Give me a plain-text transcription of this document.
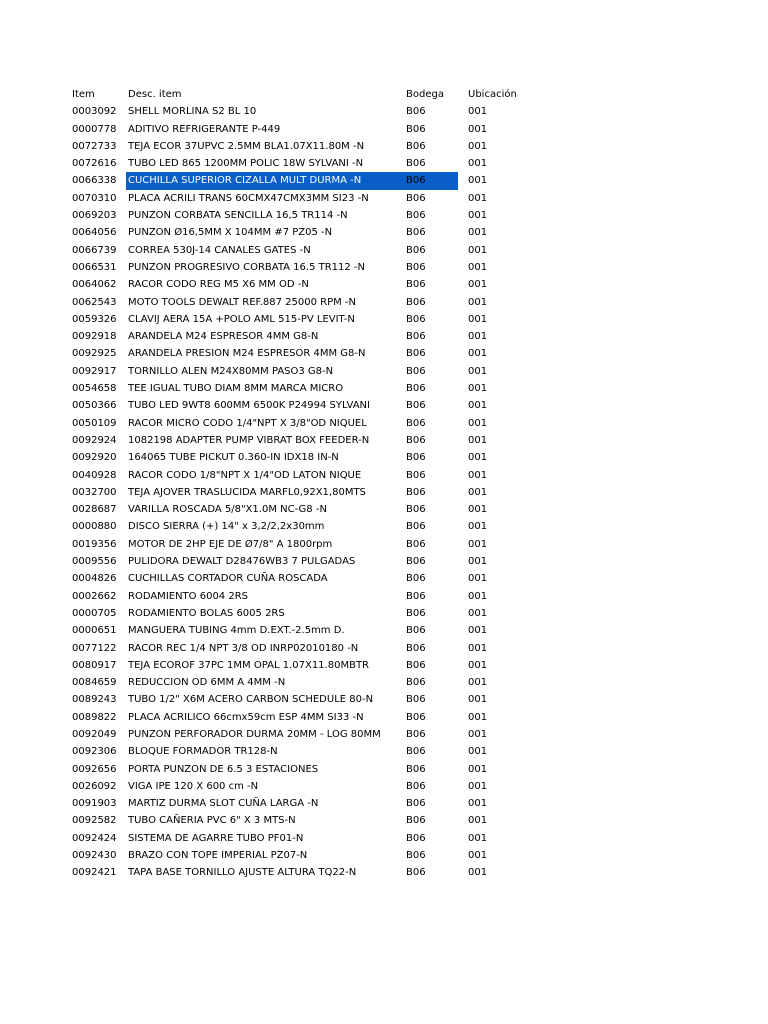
Item	Desc. item	Bodega	Ubicación
0003092	SHELL MORLINA S2 BL 10	B06	001
0000778	ADITIVO REFRIGERANTE P-449	B06	001
0072733	TEJA ECOR 37UPVC 2.5MM BLA1.07X11.80M -N	B06	001
0072616	TUBO LED 865 1200MM POLIC 18W SYLVANI -N	B06	001
0066338	CUCHILLA SUPERIOR CIZALLA MULT DURMA -N	B06	001
0070310	PLACA ACRILI TRANS 60CMX47CMX3MM SI23 -N	B06	001
0069203	PUNZON CORBATA SENCILLA 16,5 TR114 -N	B06	001
0064056	PUNZON Ø16,5MM X 104MM #7 PZ05 -N	B06	001
0066739	CORREA 530J-14 CANALES GATES -N	B06	001
0066531	PUNZON PROGRESIVO CORBATA 16.5 TR112 -N	B06	001
0064062	RACOR CODO REG M5 X6 MM OD -N	B06	001
0062543	MOTO TOOLS DEWALT REF.887 25000 RPM -N	B06	001
0059326	CLAVIJ AERA 15A +POLO AML 515-PV LEVIT-N	B06	001
0092918	ARANDELA M24 ESPRESOR 4MM G8-N	B06	001
0092925	ARANDELA PRESION M24 ESPRESOR 4MM G8-N	B06	001
0092917	TORNILLO ALEN M24X80MM PASO3 G8-N	B06	001
0054658	TEE IGUAL TUBO DIAM 8MM MARCA MICRO	B06	001
0050366	TUBO LED 9WT8 600MM 6500K P24994 SYLVANI	B06	001
0050109	RACOR MICRO CODO 1/4"NPT X 3/8"OD NIQUEL	B06	001
0092924	1082198 ADAPTER PUMP VIBRAT BOX FEEDER-N	B06	001
0092920	164065 TUBE PICKUT 0.360-IN IDX18 IN-N	B06	001
0040928	RACOR CODO 1/8"NPT X 1/4"OD LATON NIQUE	B06	001
0032700	TEJA AJOVER TRASLUCIDA MARFL0,92X1,80MTS	B06	001
0028687	VARILLA ROSCADA 5/8"X1.0M NC-G8 -N	B06	001
0000880	DISCO SIERRA (+) 14" x 3,2/2,2x30mm	B06	001
0019356	MOTOR DE 2HP EJE DE Ø7/8" A 1800rpm	B06	001
0009556	PULIDORA DEWALT D28476WB3 7 PULGADAS	B06	001
0004826	CUCHILLAS CORTADOR CUÑA ROSCADA	B06	001
0002662	RODAMIENTO 6004 2RS	B06	001
0000705	RODAMIENTO BOLAS 6005 2RS	B06	001
0000651	MANGUERA TUBING 4mm D.EXT.-2.5mm D.	B06	001
0077122	RACOR REC 1/4 NPT 3/8 OD INRP02010180 -N	B06	001
0080917	TEJA ECOROF 37PC 1MM OPAL 1.07X11.80MBTR	B06	001
0084659	REDUCCION OD 6MM A 4MM -N	B06	001
0089243	TUBO 1/2" X6M ACERO CARBON SCHEDULE 80-N	B06	001
0089822	PLACA ACRILICO 66cmx59cm ESP 4MM SI33 -N	B06	001
0092049	PUNZON PERFORADOR DURMA 20MM - LOG 80MM	B06	001
0092306	BLOQUE FORMADOR TR128-N	B06	001
0092656	PORTA PUNZON DE 6.5 3 ESTACIONES	B06	001
0026092	VIGA IPE 120 X 600 cm -N	B06	001
0091903	MARTIZ DURMA SLOT CUÑA LARGA -N	B06	001
0092582	TUBO CAÑERIA PVC 6" X 3 MTS-N	B06	001
0092424	SISTEMA DE AGARRE TUBO PF01-N	B06	001
0092430	BRAZO CON TOPE IMPERIAL PZ07-N	B06	001
0092421	TAPA BASE TORNILLO AJUSTE ALTURA TQ22-N	B06	001
